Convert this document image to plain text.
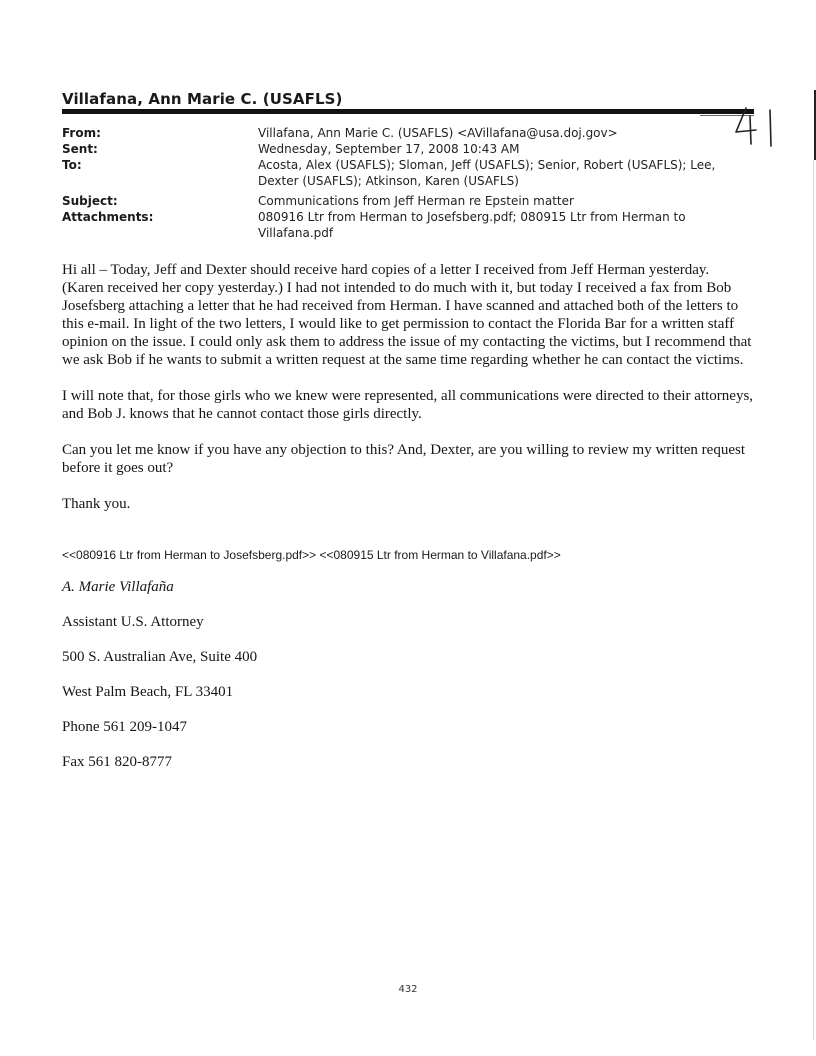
Villafana, Ann Marie C. (USAFLS)
From:	Villafana, Ann Marie C. (USAFLS) <AVillafana@usa.doj.gov>
Sent:	Wednesday, September 17, 2008 10:43 AM
To:	Acosta, Alex (USAFLS); Sloman, Jeff (USAFLS); Senior, Robert (USAFLS); Lee, Dexter (USAFLS); Atkinson, Karen (USAFLS)
Subject:	Communications from Jeff Herman re Epstein matter
Attachments:	080916 Ltr from Herman to Josefsberg.pdf; 080915 Ltr from Herman to Villafana.pdf

Hi all – Today, Jeff and Dexter should receive hard copies of a letter I received from Jeff Herman yesterday. (Karen received her copy yesterday.) I had not intended to do much with it, but today I received a fax from Bob Josefsberg attaching a letter that he had received from Herman. I have scanned and attached both of the letters to this e-mail. In light of the two letters, I would like to get permission to contact the Florida Bar for a written staff opinion on the issue. I could only ask them to address the issue of my contacting the victims, but I recommend that we ask Bob if he wants to submit a written request at the same time regarding whether he can contact the victims.

I will note that, for those girls who we knew were represented, all communications were directed to their attorneys, and Bob J. knows that he cannot contact those girls directly.

Can you let me know if you have any objection to this? And, Dexter, are you willing to review my written request before it goes out?

Thank you.

<<080916 Ltr from Herman to Josefsberg.pdf>> <<080915 Ltr from Herman to Villafana.pdf>>
A. Marie Villafaña
Assistant U.S. Attorney
500 S. Australian Ave, Suite 400
West Palm Beach, FL 33401
Phone 561 209-1047
Fax 561 820-8777
432
